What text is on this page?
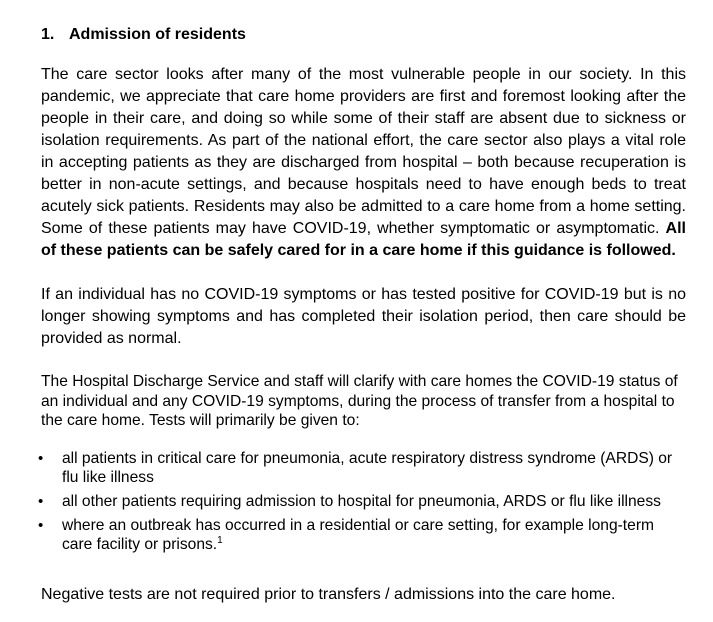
1. Admission of residents

The care sector looks after many of the most vulnerable people in our society. In this pandemic, we appreciate that care home providers are first and foremost looking after the people in their care, and doing so while some of their staff are absent due to sickness or isolation requirements. As part of the national effort, the care sector also plays a vital role in accepting patients as they are discharged from hospital – both because recuperation is better in non-acute settings, and because hospitals need to have enough beds to treat acutely sick patients. Residents may also be admitted to a care home from a home setting. Some of these patients may have COVID-19, whether symptomatic or asymptomatic. All of these patients can be safely cared for in a care home if this guidance is followed.

If an individual has no COVID-19 symptoms or has tested positive for COVID-19 but is no longer showing symptoms and has completed their isolation period, then care should be provided as normal.

The Hospital Discharge Service and staff will clarify with care homes the COVID-19 status of an individual and any COVID-19 symptoms, during the process of transfer from a hospital to the care home. Tests will primarily be given to:

• all patients in critical care for pneumonia, acute respiratory distress syndrome (ARDS) or flu like illness
• all other patients requiring admission to hospital for pneumonia, ARDS or flu like illness
• where an outbreak has occurred in a residential or care setting, for example long-term care facility or prisons.$^1$

Negative tests are not required prior to transfers / admissions into the care home.
